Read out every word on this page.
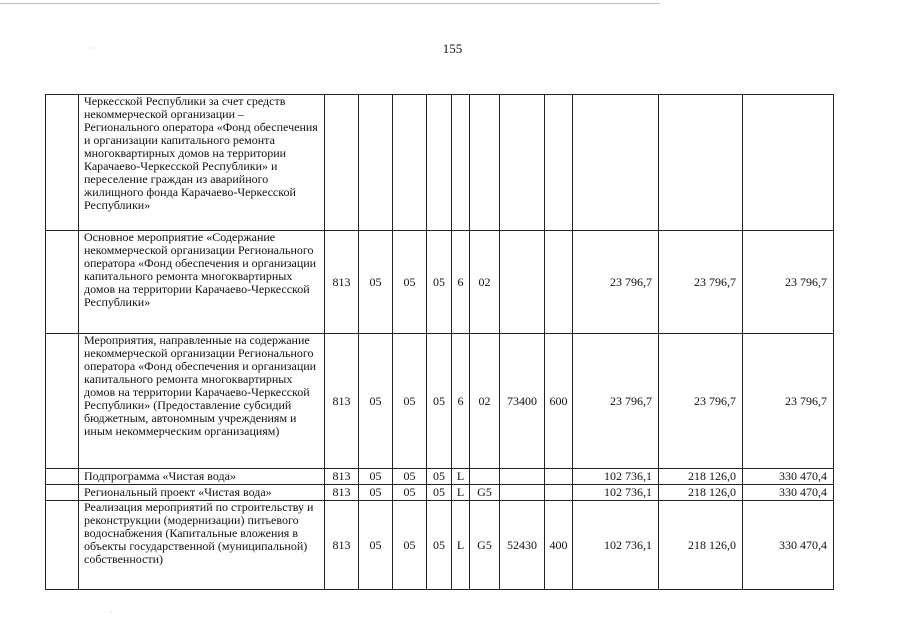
155
· ·
·
	Черкесской Республики за счет средств некоммерческой организации – Регионального оператора «Фонд обеспечения и организации капитального ремонта многоквартирных домов на территории Карачаево-Черкесской Республики» и переселение граждан из аварийного жилищного фонда Карачаево-Черкесской Республики»											
	Основное мероприятие «Содержание некоммерческой организации Регионального оператора «Фонд обеспечения и организации капитального ремонта многоквартирных домов на территории Карачаево-Черкесской Республики»	813	05	05	05	6	02			23 796,7	23 796,7	23 796,7
	Мероприятия, направленные на содержание некоммерческой организации Регионального оператора «Фонд обеспечения и организации капитального ремонта многоквартирных домов на территории Карачаево-Черкесской Республики» (Предоставление субсидий бюджетным, автономным учреждениям и иным некоммерческим организациям)	813	05	05	05	6	02	73400	600	23 796,7	23 796,7	23 796,7
	Подпрограмма «Чистая вода»	813	05	05	05	L				102 736,1	218 126,0	330 470,4
	Региональный проект «Чистая вода»	813	05	05	05	L	G5			102 736,1	218 126,0	330 470,4
	Реализация мероприятий по строительству и реконструкции (модернизации) питьевого водоснабжения (Капитальные вложения в объекты государственной (муниципальной) собственности)	813	05	05	05	L	G5	52430	400	102 736,1	218 126,0	330 470,4
